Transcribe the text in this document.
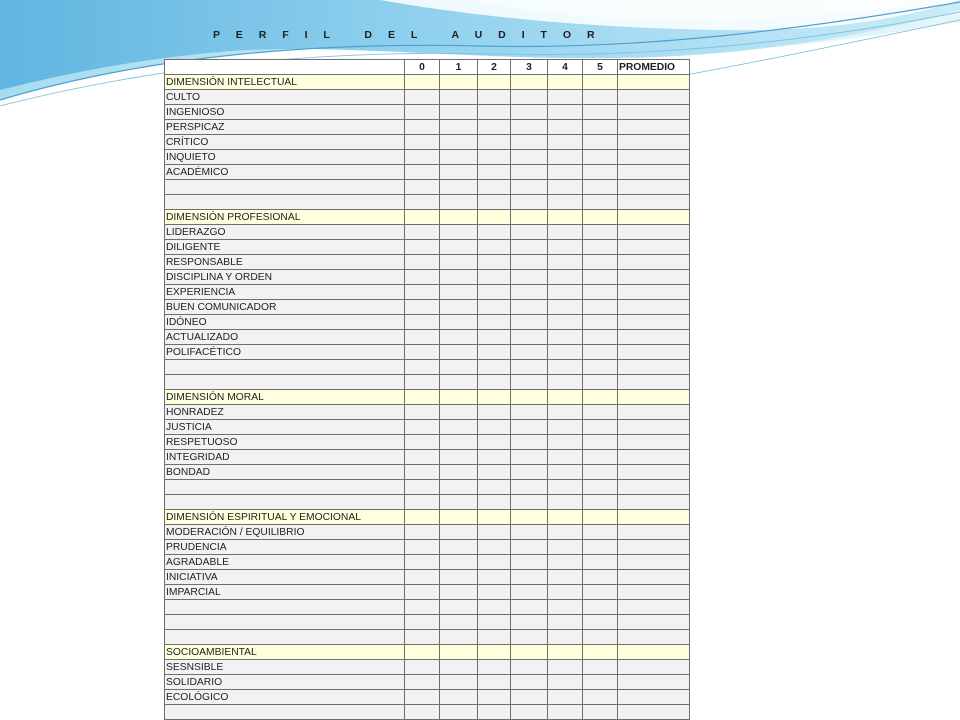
P E R F I L   D E L   A U D I T O R
	0	1	2	3	4	5	PROMEDIO
DIMENSIÓN INTELECTUAL							
CULTO							
INGENIOSO							
PERSPICAZ							
CRÍTICO							
INQUIETO							
ACADÉMICO							

DIMENSIÓN PROFESIONAL							
LIDERAZGO							
DILIGENTE							
RESPONSABLE							
DISCIPLINA Y ORDEN							
EXPERIENCIA							
BUEN COMUNICADOR							
IDÓNEO							
ACTUALIZADO							
POLIFACÉTICO							

DIMENSIÓN MORAL							
HONRADEZ							
JUSTICIA							
RESPETUOSO							
INTEGRIDAD							
BONDAD							

DIMENSIÓN ESPIRITUAL Y EMOCIONAL							
MODERACIÓN / EQUILIBRIO							
PRUDENCIA							
AGRADABLE							
INICIATIVA							
IMPARCIAL							

SOCIOAMBIENTAL							
SESNSIBLE							
SOLIDARIO							
ECOLÓGICO							
